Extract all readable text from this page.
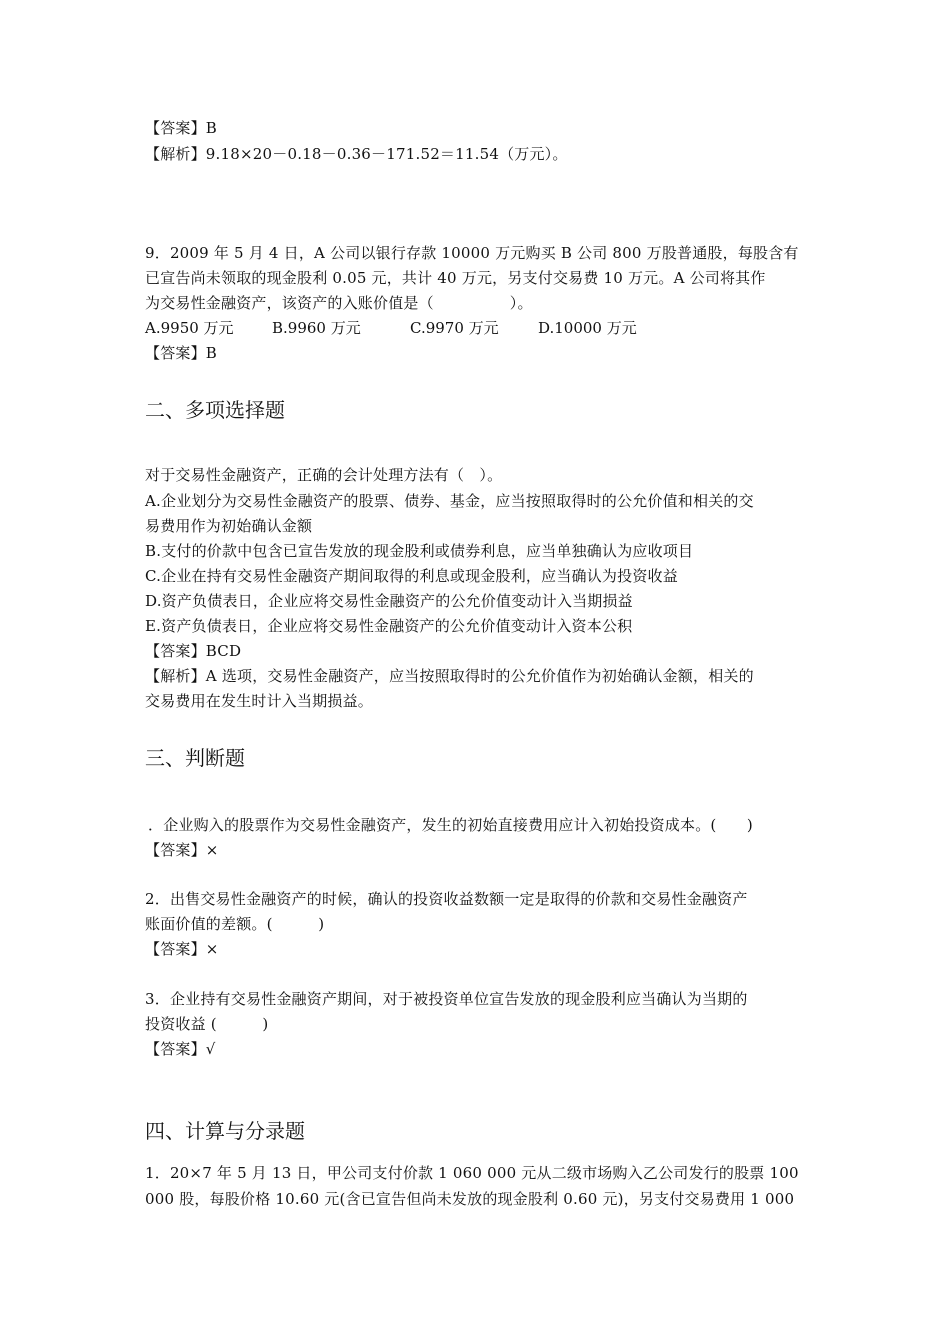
【答案】B
【解析】9.18×20－0.18－0.36－171.52＝11.54（万元）。
9．2009 年 5 月 4 日，A 公司以银行存款 10000 万元购买 B 公司 800 万股普通股，每股含有
已宣告尚未领取的现金股利 0.05 元，共计 40 万元，另支付交易费 10 万元。A 公司将其作
为交易性金融资产，该资产的入账价值是（　　　　　）。
A.9950 万元	B.9960 万元	C.9970 万元	D.10000 万元
【答案】B
二、多项选择题
对于交易性金融资产，正确的会计处理方法有（　）。
A.企业划分为交易性金融资产的股票、债券、基金，应当按照取得时的公允价值和相关的交
易费用作为初始确认金额
B.支付的价款中包含已宣告发放的现金股利或债券利息，应当单独确认为应收项目
C.企业在持有交易性金融资产期间取得的利息或现金股利，应当确认为投资收益
D.资产负债表日，企业应将交易性金融资产的公允价值变动计入当期损益
E.资产负债表日，企业应将交易性金融资产的公允价值变动计入资本公积
【答案】BCD
【解析】A 选项，交易性金融资产，应当按照取得时的公允价值作为初始确认金额，相关的
交易费用在发生时计入当期损益。
三、判断题
．企业购入的股票作为交易性金融资产，发生的初始直接费用应计入初始投资成本。(　　)
【答案】×
2．出售交易性金融资产的时候，确认的投资收益数额一定是取得的价款和交易性金融资产
账面价值的差额。(　　　)
【答案】×
3．企业持有交易性金融资产期间，对于被投资单位宣告发放的现金股利应当确认为当期的
投资收益 (　　　)
【答案】√
四、计算与分录题
1．20×7 年 5 月 13 日，甲公司支付价款 1 060 000 元从二级市场购入乙公司发行的股票 100
000 股，每股价格 10.60 元(含已宣告但尚未发放的现金股利 0.60 元)，另支付交易费用 1 000
